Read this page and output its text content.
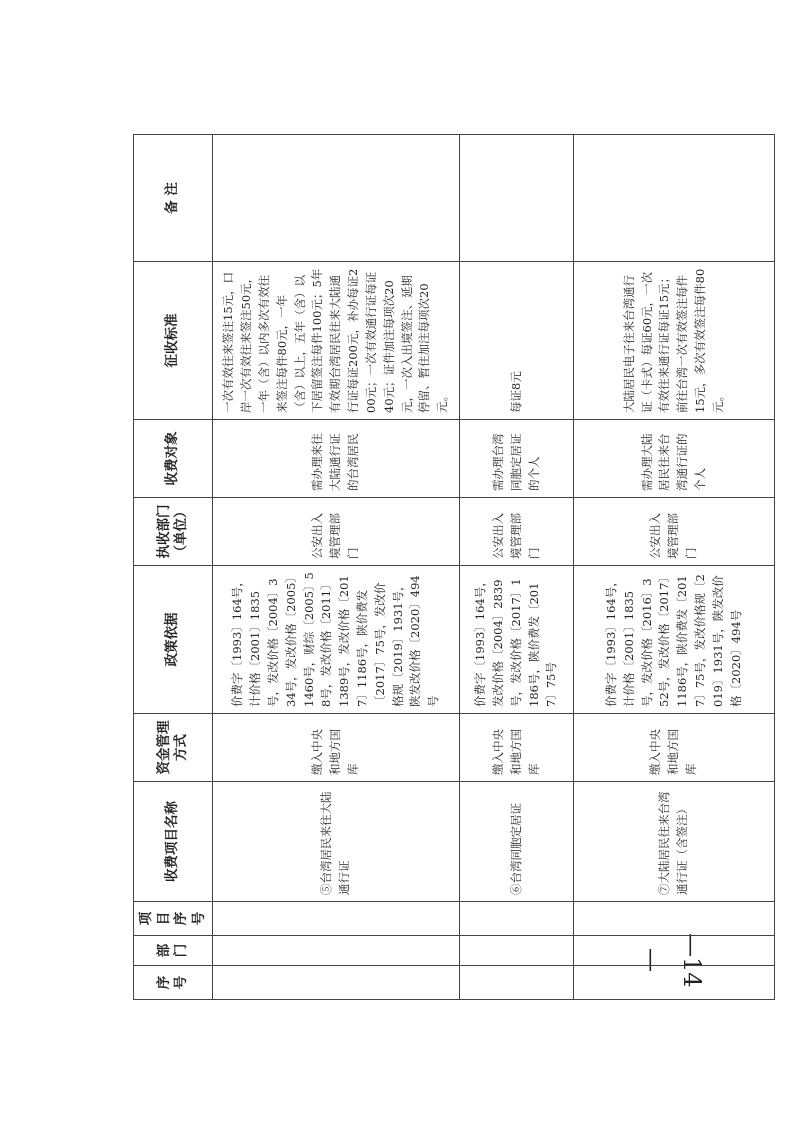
—14—
序号	部门	项目序号	收费项目名称	资金管理方式	政策依据	执收部门（单位）	收费对象	征收标准	备 注
			⑤台湾居民来往大陆通行证	缴入中央和地方国库	价费字〔1993〕164号，计价格〔2001〕1835号，发改价格〔2004〕334号，发改价格〔2005〕1460号，财综〔2005〕58号，发改价格〔2011〕1389号，发改价格〔2017〕1186号，陕价费发〔2017〕75号，发改价格规〔2019〕1931号，陕发改价格〔2020〕494号	公安出入境管理部门	需办理来往大陆通行证的台湾居民	一次有效往来签注15元，口岸一次有效往来签注50元，一年（含）以内多次有效往来签注每件80元，一年（含）以上，五年（含）以下居留签注每件100元；5年有效期台湾居民往来大陆通行证每证200元，补办每证200元；一次有效通行证每证40元；证件加注每项次20元，一次入出境签注、延期停留、暂住加注每项次20元。	
			⑥台湾同胞定居证	缴入中央和地方国库	价费字〔1993〕164号，发改价格〔2004〕2839号，发改价格〔2017〕1186号，陕价费发〔2017〕75号	公安出入境管理部门	需办理台湾同胞定居证的个人	每证8元	
			⑦大陆居民往来台湾通行证（含签注）	缴入中央和地方国库	价费字〔1993〕164号，计价格〔2001〕1835号，发改价格〔2016〕352号，发改价格〔2017〕1186号，陕价费发〔2017〕75号，发改价格规〔2019〕1931号，陕发改价格〔2020〕494号	公安出入境管理部门	需办理大陆居民往来台湾通行证的个人	大陆居民电子往来台湾通行证（卡式）每证60元，一次有效往来通行证每证15元；前往台湾一次有效签注每件15元，多次有效签注每件80元。	
